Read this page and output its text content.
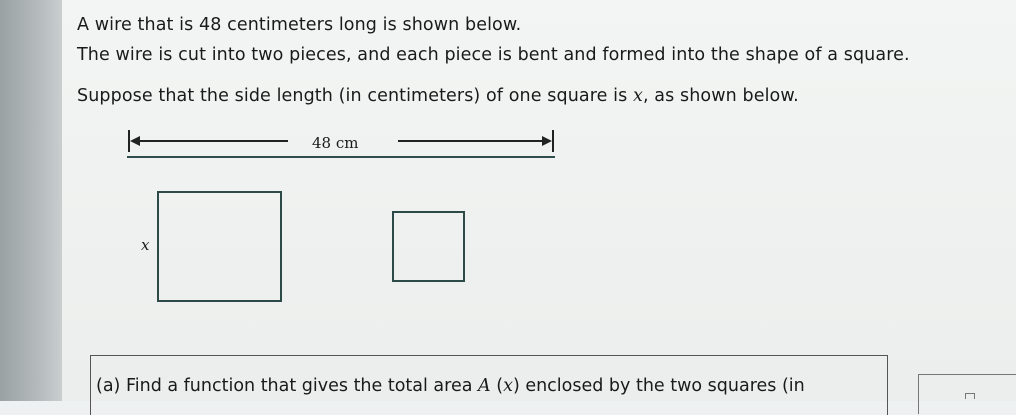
A wire that is 48 centimeters long is shown below.
The wire is cut into two pieces, and each piece is bent and formed into the shape of a square.
Suppose that the side length (in centimeters) of one square is x, as shown below.
48 cm
x
(a) Find a function that gives the total area A (x) enclosed by the two squares (in
